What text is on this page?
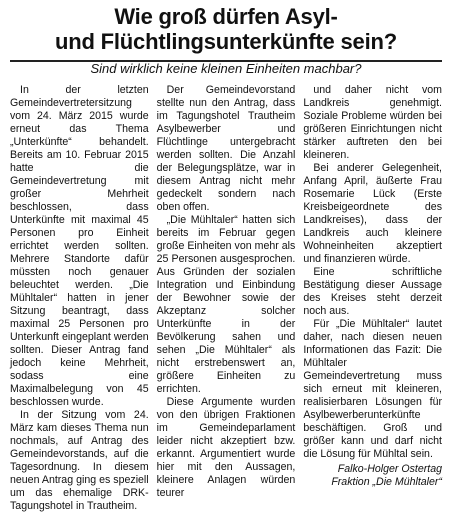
Wie groß dürfen Asyl-
und Flüchtlingsunterkünfte sein?
Sind wirklich keine kleinen Einheiten machbar?

In der letzten Gemeindevertretersitzung vom 24. März 2015 wurde erneut das Thema „Unterkünfte“ behandelt. Bereits am 10. Februar 2015 hatte die Gemeindevertretung mit großer Mehrheit beschlossen, dass Unterkünfte mit maximal 45 Personen pro Einheit errichtet werden sollten. Mehrere Standorte dafür müssten noch genauer beleuchtet werden. „Die Mühltaler“ hatten in jener Sitzung beantragt, dass maximal 25 Personen pro Unterkunft eingeplant werden sollten. Dieser Antrag fand jedoch keine Mehrheit, sodass eine Maximalbelegung von 45 beschlossen wurde.

In der Sitzung vom 24. März kam dieses Thema nun nochmals, auf Antrag des Gemeindevorstands, auf die Tagesordnung. In diesem neuen Antrag ging es speziell um das ehemalige DRK-Tagungshotel in Trautheim.

Der Gemeindevorstand stellte nun den Antrag, dass im Tagungshotel Trautheim Asylbewerber und Flüchtlinge untergebracht werden sollten. Die Anzahl der Belegungsplätze, war in diesem Antrag nicht mehr gedeckelt sondern nach oben offen.

„Die Mühltaler“ hatten sich bereits im Februar gegen große Einheiten von mehr als 25 Personen ausgesprochen. Aus Gründen der sozialen Integration und Einbindung der Bewohner sowie der Akzeptanz solcher Unterkünfte in der Bevölkerung sahen und sehen „Die Mühltaler“ als nicht erstrebenswert an, größere Einheiten zu errichten.

Diese Argumente wurden von den übrigen Fraktionen im Gemeindeparlament leider nicht akzeptiert bzw. erkannt. Argumentiert wurde hier mit den Aussagen, kleinere Anlagen würden teurer

und daher nicht vom Landkreis genehmigt. Soziale Probleme würden bei größeren Einrichtungen nicht stärker auftreten den bei kleineren.

Bei anderer Gelegenheit, Anfang April, äußerte Frau Rosemarie Lück (Erste Kreisbeigeordnete des Landkreises), dass der Landkreis auch kleinere Wohneinheiten akzeptiert und finanzieren würde.

Eine schriftliche Bestätigung dieser Aussage des Kreises steht derzeit noch aus.

Für „Die Mühltaler“ lautet daher, nach diesen neuen Informationen das Fazit: Die Mühltaler Gemeindevertretung muss sich erneut mit kleineren, realisierbaren Lösungen für Asylbewerberunterkünfte beschäftigen. Groß und größer kann und darf nicht die Lösung für Mühltal sein.

Falko-Holger Ostertag
Fraktion „Die Mühltaler“
